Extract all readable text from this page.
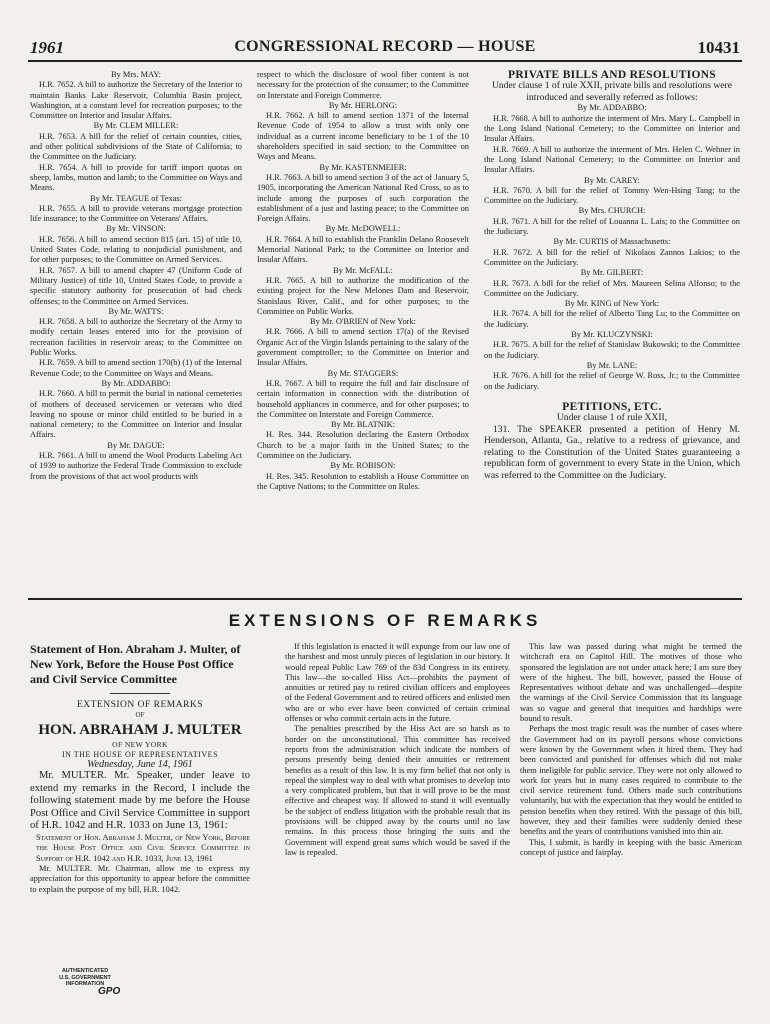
1961	CONGRESSIONAL RECORD — HOUSE	10431

By Mrs. MAY:

H.R. 7652. A bill to authorize the Secretary of the Interior to maintain Banks Lake Reservoir, Columbia Basin project, Washington, at a constant level for recreation purposes; to the Committee on Interior and Insular Affairs.

By Mr. CLEM MILLER:

H.R. 7653. A bill for the relief of certain counties, cities, and other political subdivisions of the State of California; to the Committee on the Judiciary.

H.R. 7654. A bill to provide for tariff import quotas on sheep, lambs, mutton and lamb; to the Committee on Ways and Means.

By Mr. TEAGUE of Texas:

H.R. 7655. A bill to provide veterans mortgage protection life insurance; to the Committee on Veterans' Affairs.

By Mr. VINSON:

H.R. 7656. A bill to amend section 815 (art. 15) of title 10, United States Code, relating to nonjudicial punishment, and for other purposes; to the Committee on Armed Services.

H.R. 7657. A bill to amend chapter 47 (Uniform Code of Military Justice) of title 10, United States Code, to provide a specific statutory authority for prosecution of bad check offenses; to the Committee on Armed Services.

By Mr. WATTS:

H.R. 7658. A bill to authorize the Secretary of the Army to modify certain leases entered into for the provision of recreation facilities in reservoir areas; to the Committee on Public Works.

H.R. 7659. A bill to amend section 170(b) (1) of the Internal Revenue Code; to the Committee on Ways and Means.

By Mr. ADDABBO:

H.R. 7660. A bill to permit the burial in national cemeteries of mothers of deceased servicemen or veterans who died leaving no spouse or minor child entitled to be buried in a national cemetery; to the Committee on Interior and Insular Affairs.

By Mr. DAGUE:

H.R. 7661. A bill to amend the Wool Products Labeling Act of 1939 to authorize the Federal Trade Commission to exclude from the provisions of that act wool products with

respect to which the disclosure of wool fiber content is not necessary for the protection of the consumer; to the Committee on Interstate and Foreign Commerce.

By Mr. HERLONG:

H.R. 7662. A bill to amend section 1371 of the Internal Revenue Code of 1954 to allow a trust with only one individual as a current income beneficiary to be 1 of the 10 shareholders specified in said section; to the Committee on Ways and Means.

By Mr. KASTENMEIER:

H.R. 7663. A bill to amend section 3 of the act of January 5, 1905, incorporating the American National Red Cross, so as to include among the purposes of such corporation the establishment of a just and lasting peace; to the Committee on Foreign Affairs.

By Mr. McDOWELL:

H.R. 7664. A bill to establish the Franklin Delano Roosevelt Memorial National Park; to the Committee on Interior and Insular Affairs.

By Mr. McFALL:

H.R. 7665. A bill to authorize the modification of the existing project for the New Melones Dam and Reservoir, Stanislaus River, Calif., and for other purposes; to the Committee on Public Works.

By Mr. O'BRIEN of New York:

H.R. 7666. A bill to amend section 17(a) of the Revised Organic Act of the Virgin Islands pertaining to the salary of the government comptroller; to the Committee on Interior and Insular Affairs.

By Mr. STAGGERS:

H.R. 7667. A bill to require the full and fair disclosure of certain information in connection with the distribution of household appliances in commerce, and for other purposes; to the Committee on Interstate and Foreign Commerce.

By Mr. BLATNIK:

H. Res. 344. Resolution declaring the Eastern Orthodox Church to be a major faith in the United States; to the Committee on the Judiciary.

By Mr. ROBISON:

H. Res. 345. Resolution to establish a House Committee on the Captive Nations; to the Committee on Rules.

PRIVATE BILLS AND RESOLUTIONS

Under clause 1 of rule XXII, private bills and resolutions were introduced and severally referred as follows:

By Mr. ADDABBO:

H.R. 7668. A bill to authorize the interment of Mrs. Mary L. Campbell in the Long Island National Cemetery; to the Committee on Interior and Insular Affairs.

H.R. 7669. A bill to authorize the interment of Mrs. Helen C. Wehner in the Long Island National Cemetery; to the Committee on Interior and Insular Affairs.

By Mr. CAREY:

H.R. 7670. A bill for the relief of Tommy Wen-Hsing Tang; to the Committee on the Judiciary.

By Mrs. CHURCH:

H.R. 7671. A bill for the relief of Louanna L. Lais; to the Committee on the Judiciary.

By Mr. CURTIS of Massachusetts:

H.R. 7672. A bill for the relief of Nikolaos Zannos Lakios; to the Committee on the Judiciary.

By Mr. GILBERT:

H.R. 7673. A bill for the relief of Mrs. Maureen Selina Alfonso; to the Committee on the Judiciary.

By Mr. KING of New York:

H.R. 7674. A bill for the relief of Alberto Tang Lu; to the Committee on the Judiciary.

By Mr. KLUCZYNSKI:

H.R. 7675. A bill for the relief of Stanislaw Bukowski; to the Committee on the Judiciary.

By Mr. LANE:

H.R. 7676. A bill for the relief of George W. Ross, Jr.; to the Committee on the Judiciary.

PETITIONS, ETC.

Under clause 1 of rule XXII,

131. The SPEAKER presented a petition of Henry M. Henderson, Atlanta, Ga., relative to a redress of grievance, and relating to the Constitution of the United States guaranteeing a republican form of government to every State in the Union, which was referred to the Committee on the Judiciary.

EXTENSIONS OF REMARKS

Statement of Hon. Abraham J. Multer, of New York, Before the House Post Office and Civil Service Committee

EXTENSION OF REMARKS

OF

HON. ABRAHAM J. MULTER

OF NEW YORK

IN THE HOUSE OF REPRESENTATIVES

Wednesday, June 14, 1961

Mr. MULTER. Mr. Speaker, under leave to extend my remarks in the Record, I include the following statement made by me before the House Post Office and Civil Service Committee in support of H.R. 1042 and H.R. 1033 on June 13, 1961:

Statement of Hon. Abraham J. Multer, of New York, Before the House Post Office and Civil Service Committee in Support of H.R. 1042 and H.R. 1033, June 13, 1961

Mr. MULTER. Mr. Chairman, allow me to express my appreciation for this opportunity to appear before the committee to explain the purpose of my bill, H.R. 1042.

If this legislation is enacted it will expunge from our law one of the harshest and most unruly pieces of legislation in our history. It would repeal Public Law 769 of the 83d Congress in its entirety. This law—the so-called Hiss Act—prohibits the payment of annuities or retired pay to retired civilian officers and employees of the Federal Government and to retired officers and enlisted men who are or who ever have been convicted of certain criminal offenses or who commit certain acts in the future.

The penalties prescribed by the Hiss Act are so harsh as to border on the unconstitutional. This committee has received reports from the administration which indicate the numbers of persons presently being denied their annuities or retirement benefits as a result of this law. It is my firm belief that not only is repeal the simplest way to deal with what promises to develop into a very complicated problem, but that it will prove to be the most effective and cheapest way. If allowed to stand it will eventually be the subject of endless litigation with the probable result that its provisions will be chipped away by the courts until no law remains. In this process those bringing the suits and the Government will expend great sums which would be saved if the law is repealed.

This law was passed during what might be termed the witchcraft era on Capitol Hill. The motives of those who sponsored the legislation are not under attack here; I am sure they were of the highest. The bill, however, passed the House of Representatives without debate and was unchallenged—despite the warnings of the Civil Service Commission that its language was so vague and general that inequities and hardships were bound to result.

Perhaps the most tragic result was the number of cases where the Government had on its payroll persons whose convictions were known by the Government when it hired them. They had been convicted and punished for offenses which did not make them ineligible for public service. They were not only allowed to work for years but in many cases required to contribute to the civil service retirement fund. Others made such contributions voluntarily, but with the expectation that they would be entitled to pension benefits when they retired. With the passage of this bill, however, they and their families were suddenly denied these benefits and the years of contributions vanished into thin air.

This, I submit, is hardly in keeping with the basic American concept of justice and fairplay.

AUTHENTICATED
U.S. GOVERNMENT
INFORMATION
GPO
